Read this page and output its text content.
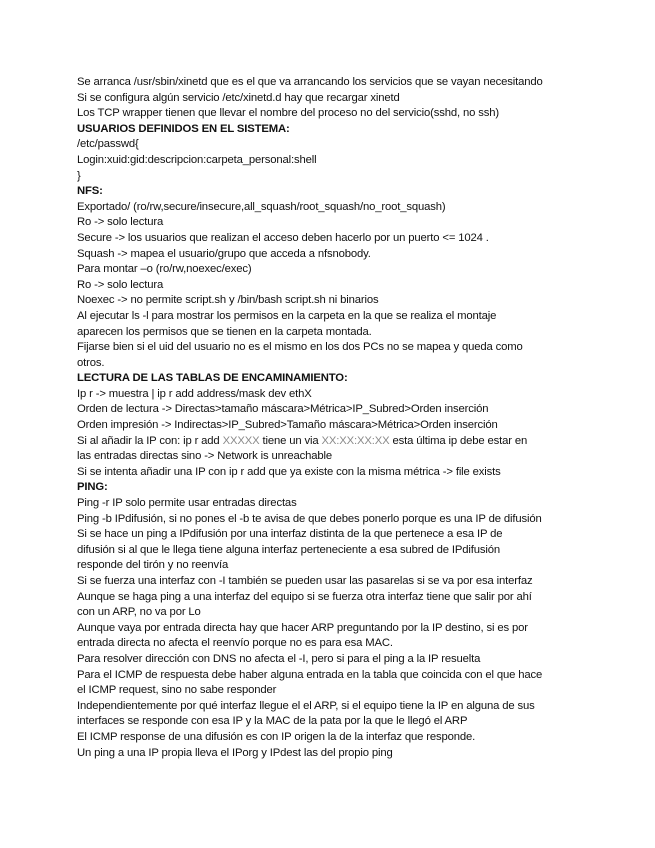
Se arranca /usr/sbin/xinetd que es el que va arrancando los servicios que se vayan necesitando
Si se configura algún servicio /etc/xinetd.d hay que recargar xinetd
Los TCP wrapper tienen que llevar el nombre del proceso no del servicio(sshd, no ssh)
USUARIOS DEFINIDOS EN EL SISTEMA:
/etc/passwd{
Login:xuid:gid:descripcion:carpeta_personal:shell
}
NFS:
Exportado/ (ro/rw,secure/insecure,all_squash/root_squash/no_root_squash)
Ro -> solo lectura
Secure -> los usuarios que realizan el acceso deben hacerlo por un puerto <= 1024 .
Squash -> mapea el usuario/grupo que acceda a nfsnobody.
Para montar –o (ro/rw,noexec/exec)
Ro -> solo lectura
Noexec -> no permite script.sh y /bin/bash script.sh ni binarios
Al ejecutar ls -l para mostrar los permisos en la carpeta en la que se realiza el montaje
aparecen los permisos que se tienen en la carpeta montada.
Fijarse bien si el uid del usuario no es el mismo en los dos PCs no se mapea y queda como
otros.
LECTURA DE LAS TABLAS DE ENCAMINAMIENTO:
Ip r -> muestra | ip r add address/mask dev ethX
Orden de lectura -> Directas>tamaño máscara>Métrica>IP_Subred>Orden inserción
Orden impresión -> Indirectas>IP_Subred>Tamaño máscara>Métrica>Orden inserción
Si al añadir la IP con: ip r add XXXXX tiene un via XX:XX:XX:XX esta última ip debe estar en
las entradas directas sino -> Network is unreachable
Si se intenta añadir una IP con ip r add que ya existe con la misma métrica -> file exists
PING:
Ping -r IP solo permite usar entradas directas
Ping -b IPdifusión, si no pones el -b te avisa de que debes ponerlo porque es una IP de difusión
Si se hace un ping a IPdifusión por una interfaz distinta de la que pertenece a esa IP de
difusión si al que le llega tiene alguna interfaz perteneciente a esa subred de IPdifusión
responde del tirón y no reenvía
Si se fuerza una interfaz con -I también se pueden usar las pasarelas si se va por esa interfaz
Aunque se haga ping a una interfaz del equipo si se fuerza otra interfaz tiene que salir por ahí
con un ARP, no va por Lo
Aunque vaya por entrada directa hay que hacer ARP preguntando por la IP destino, si es por
entrada directa no afecta el reenvío porque no es para esa MAC.
Para resolver dirección con DNS no afecta el -I, pero si para el ping a la IP resuelta
Para el ICMP de respuesta debe haber alguna entrada en la tabla que coincida con el que hace
el ICMP request, sino no sabe responder
Independientemente por qué interfaz llegue el el ARP, si el equipo tiene la IP en alguna de sus
interfaces se responde con esa IP y la MAC de la pata por la que le llegó el ARP
El ICMP response de una difusión es con IP origen la de la interfaz que responde.
Un ping a una IP propia lleva el IPorg y IPdest las del propio ping
